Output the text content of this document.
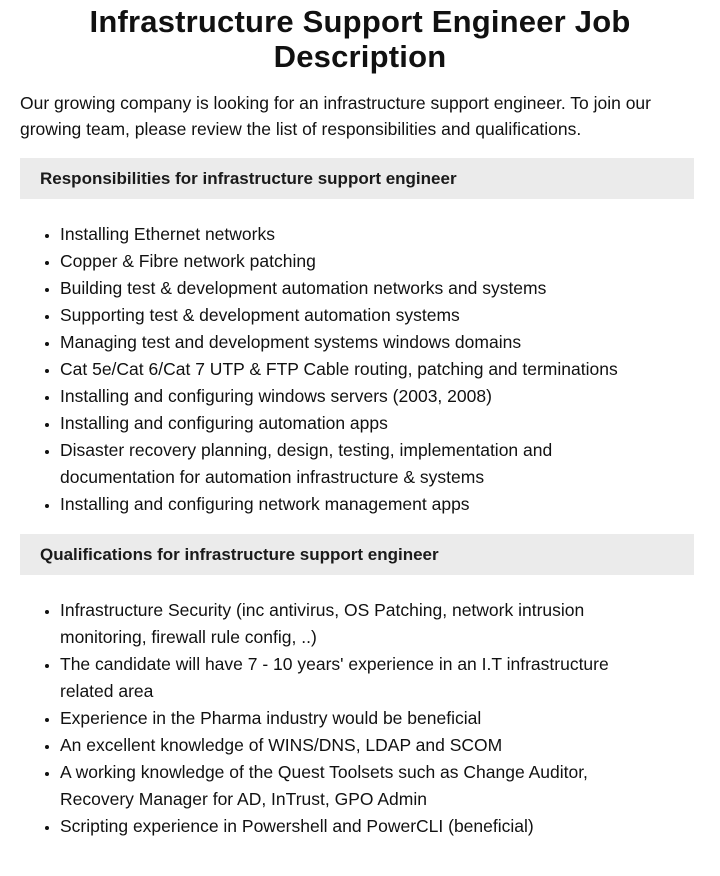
Infrastructure Support Engineer Job Description

Our growing company is looking for an infrastructure support engineer. To join our growing team, please review the list of responsibilities and qualifications.

Responsibilities for infrastructure support engineer
• Installing Ethernet networks
• Copper & Fibre network patching
• Building test & development automation networks and systems
• Supporting test & development automation systems
• Managing test and development systems windows domains
• Cat 5e/Cat 6/Cat 7 UTP & FTP Cable routing, patching and terminations
• Installing and configuring windows servers (2003, 2008)
• Installing and configuring automation apps
• Disaster recovery planning, design, testing, implementation and documentation for automation infrastructure & systems
• Installing and configuring network management apps
Qualifications for infrastructure support engineer
• Infrastructure Security (inc antivirus, OS Patching, network intrusion monitoring, firewall rule config, ..)
• The candidate will have 7 - 10 years' experience in an I.T infrastructure related area
• Experience in the Pharma industry would be beneficial
• An excellent knowledge of WINS/DNS, LDAP and SCOM
• A working knowledge of the Quest Toolsets such as Change Auditor, Recovery Manager for AD, InTrust, GPO Admin
• Scripting experience in Powershell and PowerCLI (beneficial)
